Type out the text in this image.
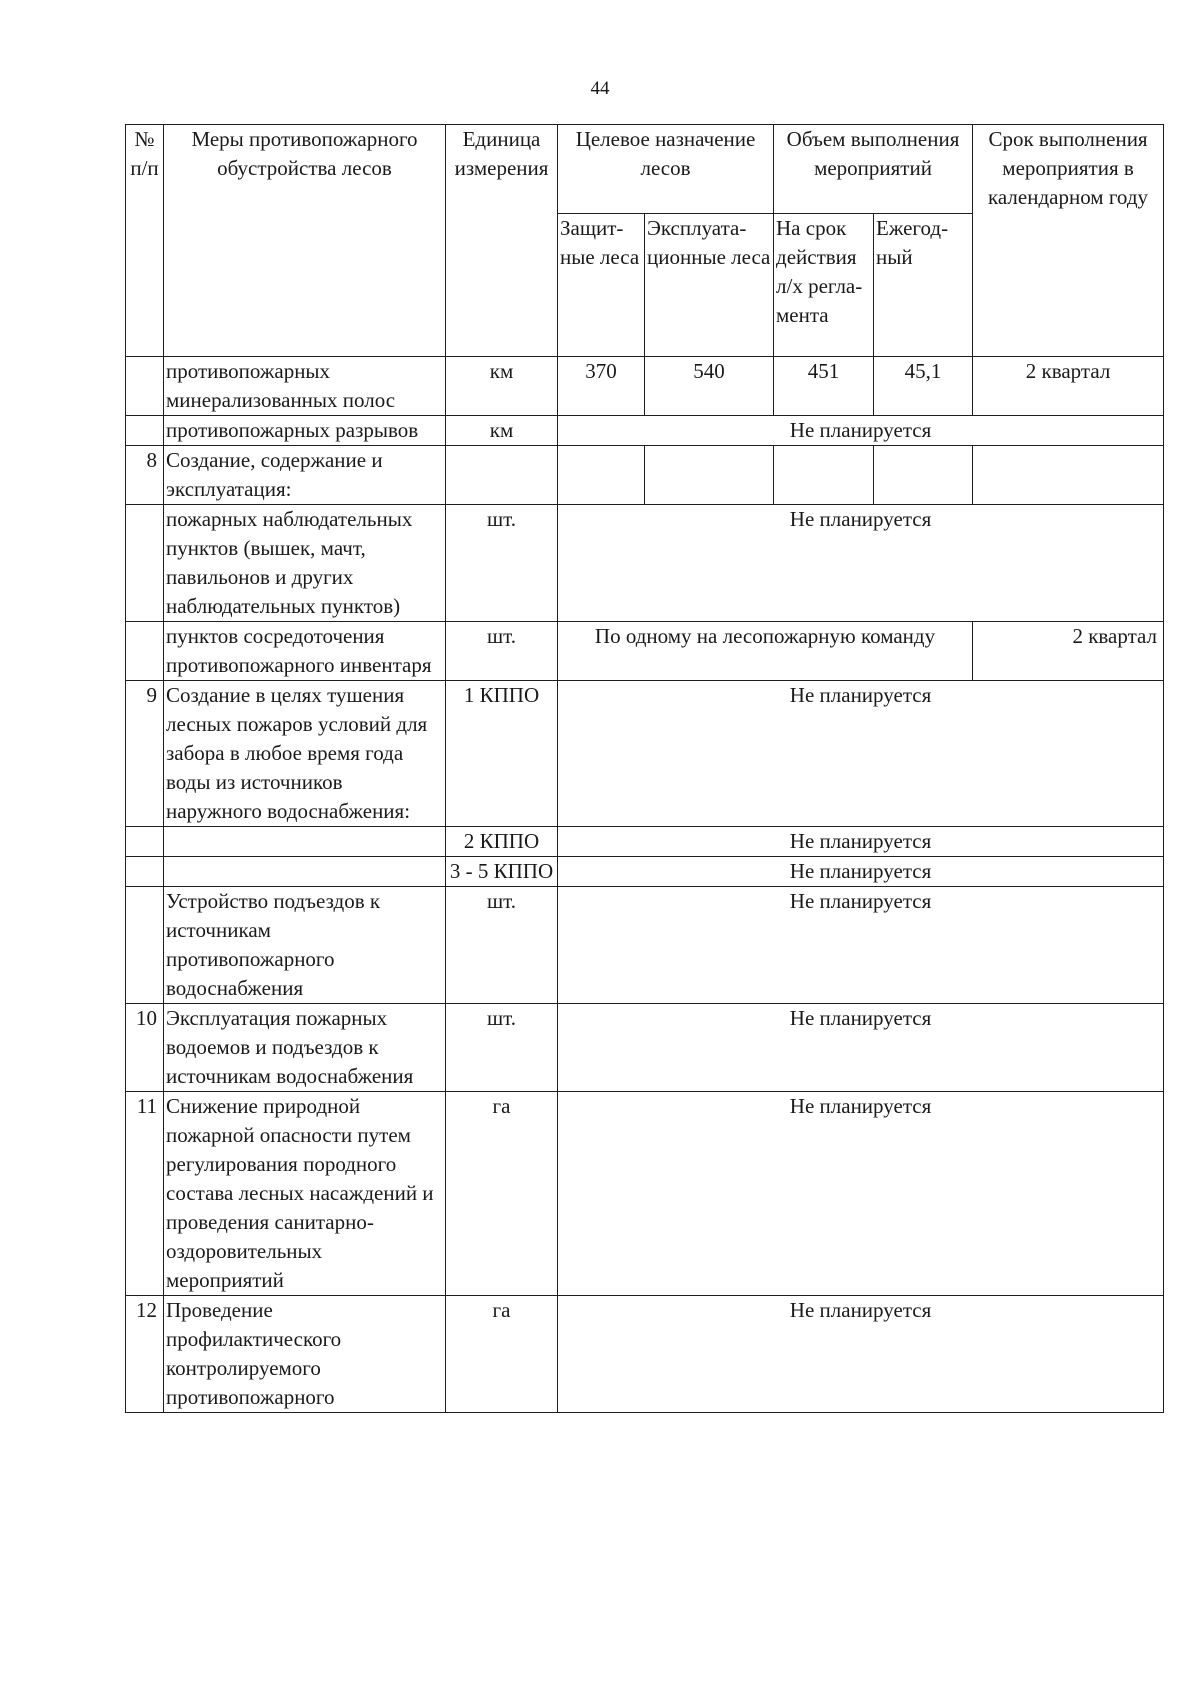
44
№ п/п	Меры противопожарного обустройства лесов	Единица измерения	Целевое назначение лесов		Объем выполнения мероприятий		Срок выполнения мероприятия в календарном году
			Защит-ные леса	Эксплуата-ционные леса	На срок действия л/х регла-мента	Ежегод-ный	
	противопожарных минерализованных полос	км	370	540	451	45,1	2 квартал
	противопожарных разрывов	км	Не планируется				
8	Создание, содержание и эксплуатация:						
	пожарных наблюдательных пунктов (вышек, мачт, павильонов и других наблюдательных пунктов)	шт.	Не планируется				
	пунктов сосредоточения противопожарного инвентаря	шт.	По одному на лесопожарную команду				2 квартал
9	Создание в целях тушения лесных пожаров условий для забора в любое время года воды из источников наружного водоснабжения:	1 КППО	Не планируется				
		2 КППО	Не планируется				
		3 - 5 КППО	Не планируется				
	Устройство подъездов к источникам противопожарного водоснабжения	шт.	Не планируется				
10	Эксплуатация пожарных водоемов и подъездов к источникам водоснабжения	шт.	Не планируется				
11	Снижение природной пожарной опасности путем регулирования породного состава лесных насаждений и проведения санитарно-оздоровительных мероприятий	га	Не планируется				
12	Проведение профилактического контролируемого противопожарного	га	Не планируется				
